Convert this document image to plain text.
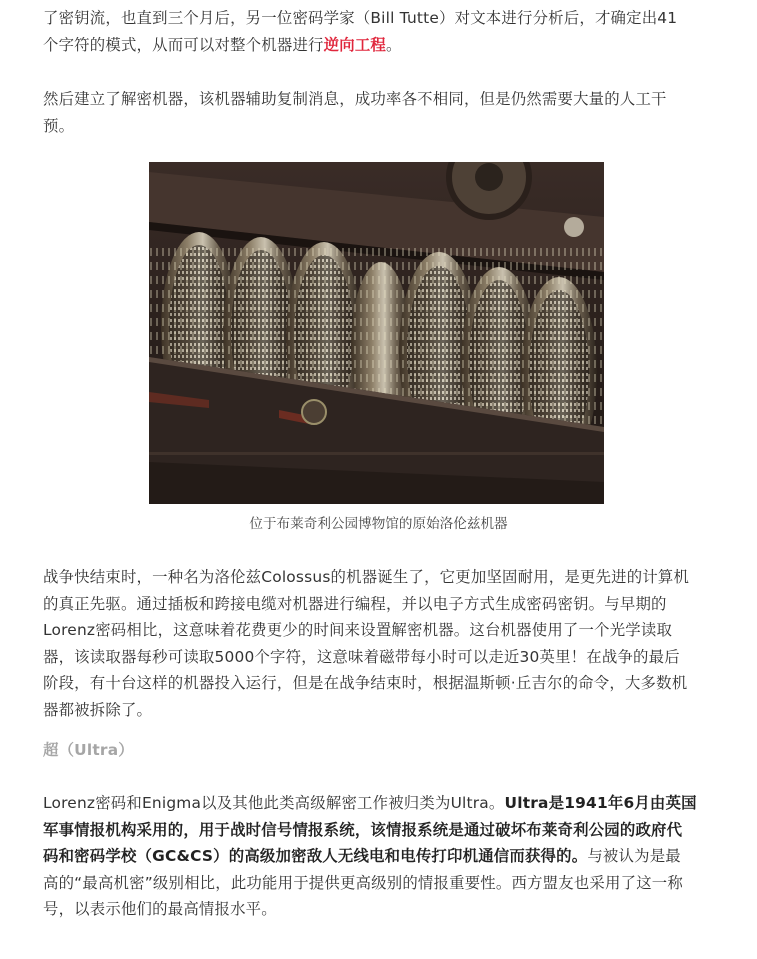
了密钥流，也直到三个月后，另一位密码学家（Bill Tutte）对文本进行分析后，才确定出41
个字符的模式，从而可以对整个机器进行逆向工程。

然后建立了解密机器，该机器辅助复制消息，成功率各不相同，但是仍然需要大量的人工干
预。

战争快结束时，一种名为洛伦兹Colossus的机器诞生了，它更加坚固耐用，是更先进的计算机
的真正先驱。通过插板和跨接电缆对机器进行编程，并以电子方式生成密码密钥。与早期的
Lorenz密码相比，这意味着花费更少的时间来设置解密机器。这台机器使用了一个光学读取
器，该读取器每秒可读取5000个字符，这意味着磁带每小时可以走近30英里！在战争的最后
阶段，有十台这样的机器投入运行，但是在战争结束时，根据温斯顿·丘吉尔的命令，大多数机
器都被拆除了。

Lorenz密码和Enigma以及其他此类高级解密工作被归类为Ultra。Ultra是1941年6月由英国
军事情报机构采用的，用于战时信号情报系统，该情报系统是通过破坏布莱奇利公园的政府代
码和密码学校（GC&CS）的高级加密敌人无线电和电传打印机通信而获得的。与被认为是最
高的“最高机密”级别相比，此功能用于提供更高级别的情报重要性。西方盟友也采用了这一称
号，以表示他们的最高情报水平。

位于布莱奇利公园博物馆的原始洛伦兹机器
超（Ultra）
